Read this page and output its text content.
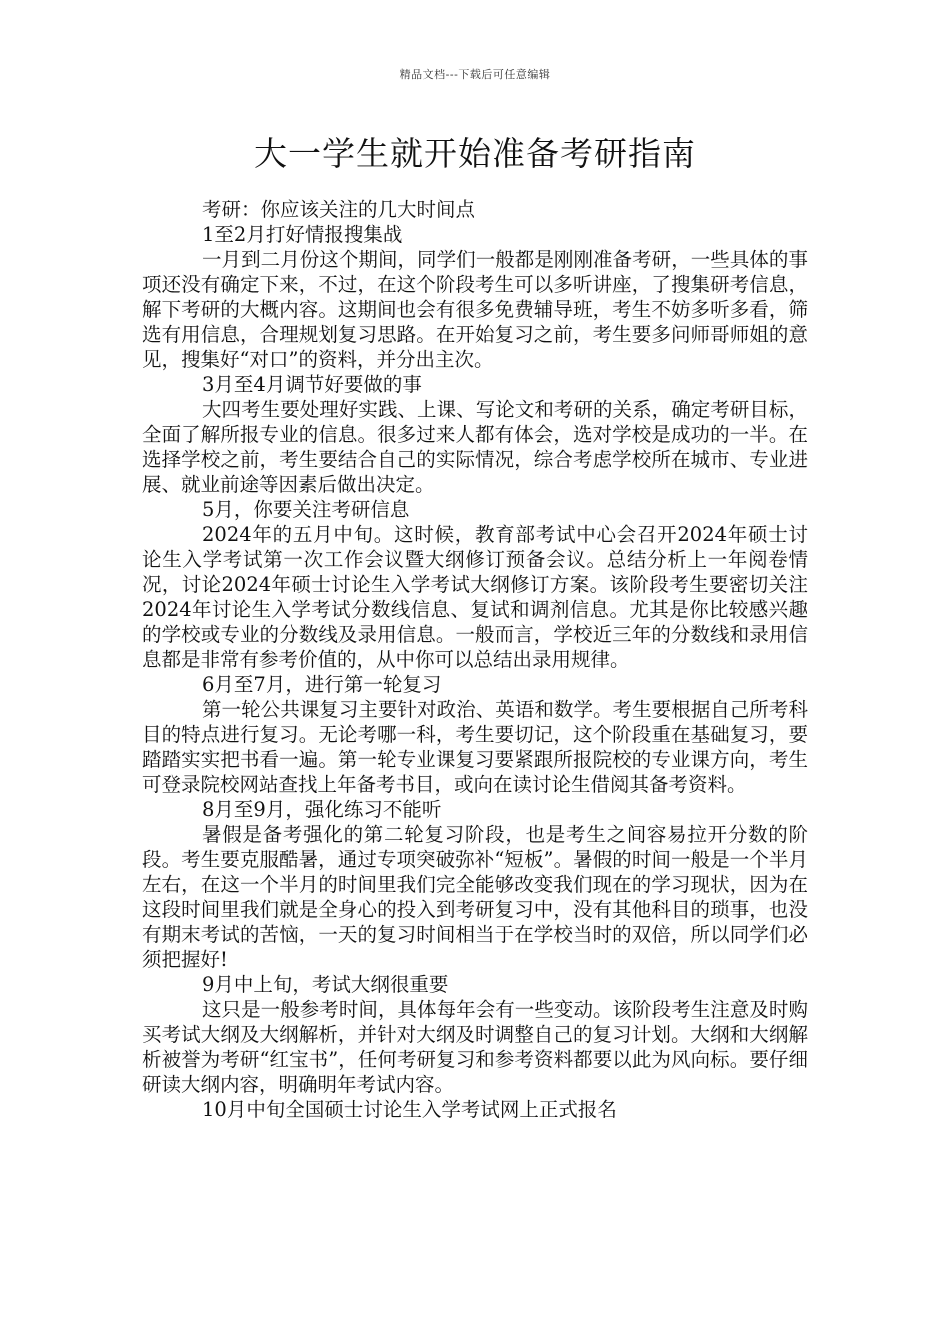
精品文档---下载后可任意编辑
大一学生就开始准备考研指南

考研：你应该关注的几大时间点

1至2月打好情报搜集战

一月到二月份这个期间，同学们一般都是刚刚准备考研，一些具体的事项还没有确定下来，不过，在这个阶段考生可以多听讲座，了搜集研考信息，解下考研的大概内容。这期间也会有很多免费辅导班，考生不妨多听多看，筛选有用信息，合理规划复习思路。在开始复习之前，考生要多问师哥师姐的意见，搜集好“对口”的资料，并分出主次。

3月至4月调节好要做的事

大四考生要处理好实践、上课、写论文和考研的关系，确定考研目标，全面了解所报专业的信息。很多过来人都有体会，选对学校是成功的一半。在选择学校之前，考生要结合自己的实际情况，综合考虑学校所在城市、专业进展、就业前途等因素后做出决定。

5月，你要关注考研信息

2024年的五月中旬。这时候，教育部考试中心会召开2024年硕士讨论生入学考试第一次工作会议暨大纲修订预备会议。总结分析上一年阅卷情况，讨论2024年硕士讨论生入学考试大纲修订方案。该阶段考生要密切关注2024年讨论生入学考试分数线信息、复试和调剂信息。尤其是你比较感兴趣的学校或专业的分数线及录用信息。一般而言，学校近三年的分数线和录用信息都是非常有参考价值的，从中你可以总结出录用规律。

6月至7月，进行第一轮复习

第一轮公共课复习主要针对政治、英语和数学。考生要根据自己所考科目的特点进行复习。无论考哪一科，考生要切记，这个阶段重在基础复习，要踏踏实实把书看一遍。第一轮专业课复习要紧跟所报院校的专业课方向，考生可登录院校网站查找上年备考书目，或向在读讨论生借阅其备考资料。

8月至9月，强化练习不能听

暑假是备考强化的第二轮复习阶段，也是考生之间容易拉开分数的阶段。考生要克服酷暑，通过专项突破弥补“短板”。暑假的时间一般是一个半月左右，在这一个半月的时间里我们完全能够改变我们现在的学习现状，因为在这段时间里我们就是全身心的投入到考研复习中，没有其他科目的琐事，也没有期末考试的苦恼，一天的复习时间相当于在学校当时的双倍，所以同学们必须把握好!

9月中上旬，考试大纲很重要

这只是一般参考时间，具体每年会有一些变动。该阶段考生注意及时购买考试大纲及大纲解析，并针对大纲及时调整自己的复习计划。大纲和大纲解析被誉为考研“红宝书”，任何考研复习和参考资料都要以此为风向标。要仔细研读大纲内容，明确明年考试内容。

10月中旬全国硕士讨论生入学考试网上正式报名
